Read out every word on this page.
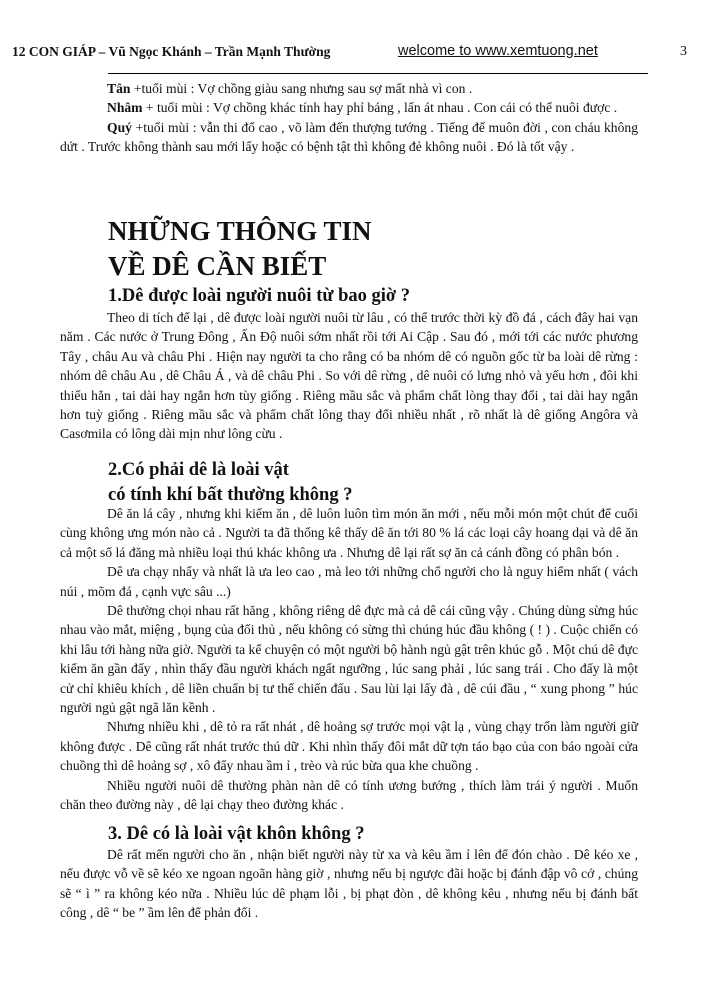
12 CON GIÁP – Vũ Ngọc Khánh – Trần Mạnh Thường	welcome to www.xemtuong.net	3

Tân +tuổi mùi : Vợ chồng giàu sang nhưng sau sợ mất nhà vì con .

Nhâm + tuổi mùi : Vợ chồng khác tính hay phỉ báng , lấn át nhau . Con cái có thể nuôi được .

Quý +tuổi mùi : vẫn thi đổ cao , võ làm đến thượng tướng . Tiếng để muôn đời , con cháu không dứt . Trước không thành sau mới lấy hoặc có bệnh tật thì không đẻ không nuôi . Đó là tốt vậy .

NHỮNG THÔNG TIN
VỀ DÊ CẦN BIẾT
1.Dê được loài người nuôi từ bao giờ ?

Theo di tích để lại , dê được loài người nuôi từ lâu , có thể trước thời kỳ đồ đá , cách đây hai vạn năm . Các nước ở Trung Đông , Ấn Độ nuôi sớm nhất rồi tới Ai Cập . Sau đó , mới tới các nước phương Tây , châu Au và châu Phi . Hiện nay người ta cho rằng có ba nhóm dê có nguồn gốc từ ba loài dê rừng : nhóm dê châu Au , dê Châu Á , và dê châu Phi . So với dê rừng , dê nuôi có lưng nhỏ và yếu hơn , đôi khi thiếu hẳn , tai dài hay ngắn hơn tùy giống . Riêng mầu sắc và phẩm chất lòng thay đổi , tai dài hay ngắn hơn tuỳ giống . Riêng mầu sắc và phẩm chất lông thay đổi nhiều nhất , rõ nhất là dê giống Angôra và Casơmila có lông dài mịn như lông cừu .

2.Có phải dê là loài vật
có tính khí bất thường không ?

Dê ăn lá cây , nhưng khi kiếm ăn , dê luôn luôn tìm món ăn mới , nếu mỗi món một chút để cuối cùng không ưng món nào cả . Người ta đã thống kê thấy dê ăn tới 80 % lá các loại cây hoang dại và dê ăn cả một số lá đăng mà nhiều loại thú khác không ưa . Nhưng dê lại rất sợ ăn cả cánh đồng có phân bón .

Dê ưa chạy nhẩy và nhất là ưa leo cao , mà leo tới những chổ người cho là nguy hiểm nhất ( vách núi , mõm đá , cạnh vực sâu ...)

Dê thường chọi nhau rất hăng , không riêng dê đực mà cả dê cái cũng vậy . Chúng dùng sừng húc nhau vào mắt, miệng , bụng của đối thủ , nếu không có sừng thì chúng húc đầu không ( ! ) . Cuộc chiến có khi lâu tới hàng nữa giờ. Người ta kể chuyện có một người bộ hành ngủ gật trên khúc gỗ . Một chú dê đực kiếm ăn gần đấy , nhìn thấy đầu người khách ngất ngưỡng , lúc sang phải , lúc sang trái . Cho đấy là một cử chỉ khiêu khích , dê liền chuẩn bị tư thế chiến đấu . Sau lùi lại lấy đà , dê cúi đầu , “ xung phong ” húc người ngủ gật ngã lăn kềnh .

Nhưng nhiều khi , dê tỏ ra rất nhát , dê hoảng sợ trước mọi vật lạ , vùng chạy trốn làm người giữ không được . Dê cũng rất nhát trước thú dữ . Khi nhìn thấy đôi mắt dữ tợn táo bạo của con báo ngoài cửa chuồng thì dê hoảng sợ , xô đẩy nhau ầm ỉ , trèo và rúc bừa qua khe chuồng .

Nhiều người nuôi dê thường phàn nàn dê có tính ương bướng , thích làm trái ý người . Muốn chăn theo đường này , dê lại chạy theo đường khác .

3. Dê có là loài vật khôn không ?

Dê rất mến người cho ăn , nhận biết người này từ xa và kêu ầm ỉ lên để đón chào . Dê kéo xe , nếu được vỗ về sẽ kéo xe ngoan ngoãn hàng giờ , nhưng nếu bị ngược đãi hoặc bị đánh đập vô cớ , chúng sẽ “ ì ” ra không kéo nữa . Nhiều lúc dê phạm lỗi , bị phạt đòn , dê không kêu , nhưng nếu bị đánh bất công , dê “ be ” ầm lên để phản đối .
